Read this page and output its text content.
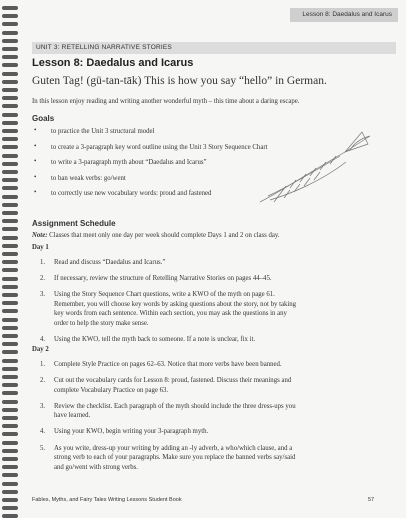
Lesson 8: Daedalus and Icarus
UNIT 3: RETELLING NARRATIVE STORIES
Lesson 8: Daedalus and Icarus
Guten Tag! (gü-tan-tāk) This is how you say “hello” in German.
In this lesson enjoy reading and writing another wonderful myth – this time about a daring escape.
Goals
• to practice the Unit 3 structural model
• to create a 3-paragraph key word outline using the Unit 3 Story Sequence Chart
• to write a 3-paragraph myth about “Daedalus and Icarus”
• to ban weak verbs: go/went
• to correctly use new vocabulary words: proud and fastened
Assignment Schedule
Note: Classes that meet only one day per week should complete Days 1 and 2 on class day.
Day 1
1. Read and discuss “Daedalus and Icarus.”
2. If necessary, review the structure of Retelling Narrative Stories on pages 44–45.
3. Using the Story Sequence Chart questions, write a KWO of the myth on page 61.
Remember, you will choose key words by asking questions about the story, not by taking
key words from each sentence. Within each section, you may ask the questions in any
order to help the story make sense.
4. Using the KWO, tell the myth back to someone. If a note is unclear, fix it.
Day 2
1. Complete Style Practice on pages 62–63. Notice that more verbs have been banned.
2. Cut out the vocabulary cards for Lesson 8: proud, fastened. Discuss their meanings and
complete Vocabulary Practice on page 63.
3. Review the checklist. Each paragraph of the myth should include the three dress-ups you
have learned.
4. Using your KWO, begin writing your 3-paragraph myth.
5. As you write, dress-up your writing by adding an -ly adverb, a who/which clause, and a
strong verb to each of your paragraphs. Make sure you replace the banned verbs say/said
and go/went with strong verbs.
Fables, Myths, and Fairy Tales Writing Lessons Student Book	57
